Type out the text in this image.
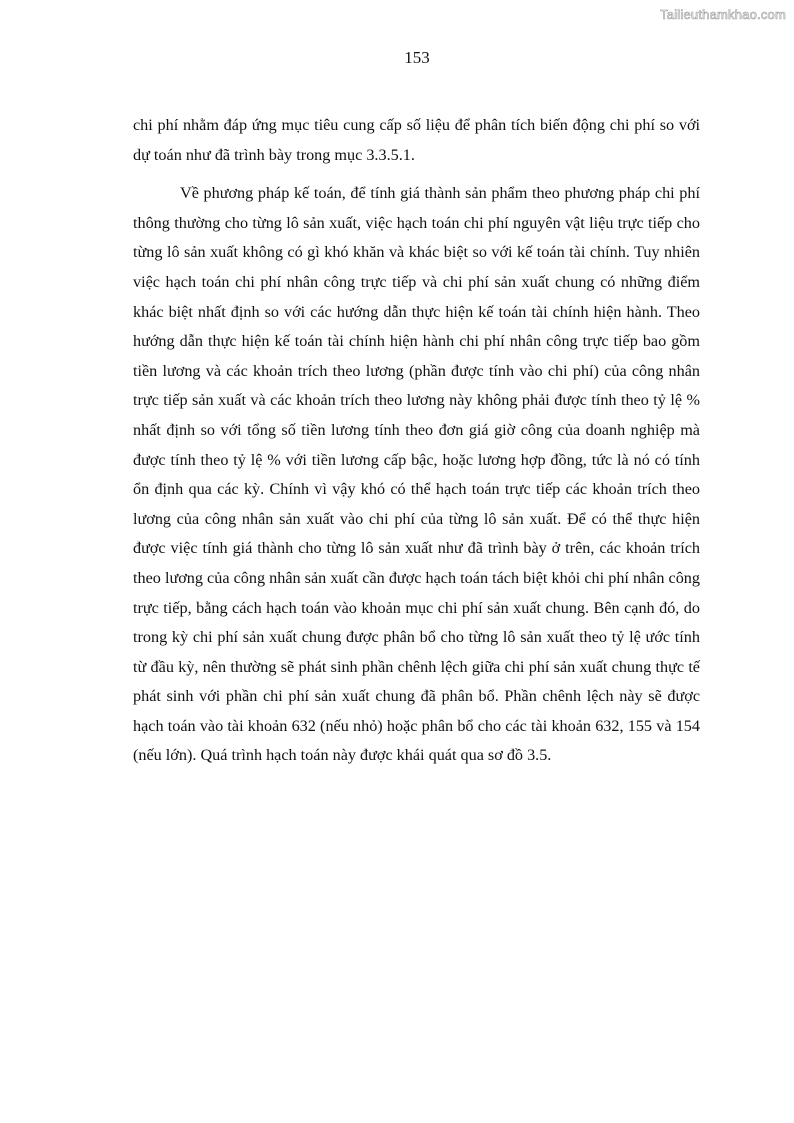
Tailieuthamkhao.com
153

chi phí nhằm đáp ứng mục tiêu cung cấp số liệu để phân tích biến động chi phí so với dự toán như đã trình bày trong mục 3.3.5.1.

Về phương pháp kế toán, để tính giá thành sản phẩm theo phương pháp chi phí thông thường cho từng lô sản xuất, việc hạch toán chi phí nguyên vật liệu trực tiếp cho từng lô sản xuất không có gì khó khăn và khác biệt so với kế toán tài chính. Tuy nhiên việc hạch toán chi phí nhân công trực tiếp và chi phí sản xuất chung có những điểm khác biệt nhất định so với các hướng dẫn thực hiện kế toán tài chính hiện hành. Theo hướng dẫn thực hiện kế toán tài chính hiện hành chi phí nhân công trực tiếp bao gồm tiền lương và các khoản trích theo lương (phần được tính vào chi phí) của công nhân trực tiếp sản xuất và các khoản trích theo lương này không phải được tính theo tỷ lệ % nhất định so với tổng số tiền lương tính theo đơn giá giờ công của doanh nghiệp mà được tính theo tỷ lệ % với tiền lương cấp bậc, hoặc lương hợp đồng, tức là nó có tính ổn định qua các kỳ. Chính vì vậy khó có thể hạch toán trực tiếp các khoản trích theo lương của công nhân sản xuất vào chi phí của từng lô sản xuất. Để có thể thực hiện được việc tính giá thành cho từng lô sản xuất như đã trình bày ở trên, các khoản trích theo lương của công nhân sản xuất cần được hạch toán tách biệt khỏi chi phí nhân công trực tiếp, bằng cách hạch toán vào khoản mục chi phí sản xuất chung. Bên cạnh đó, do trong kỳ chi phí sản xuất chung được phân bổ cho từng lô sản xuất theo tỷ lệ ước tính từ đầu kỳ, nên thường sẽ phát sinh phần chênh lệch giữa chi phí sản xuất chung thực tế phát sinh với phần chi phí sản xuất chung đã phân bổ. Phần chênh lệch này sẽ được hạch toán vào tài khoản 632 (nếu nhỏ) hoặc phân bổ cho các tài khoản 632, 155 và 154 (nếu lớn). Quá trình hạch toán này được khái quát qua sơ đồ 3.5.
